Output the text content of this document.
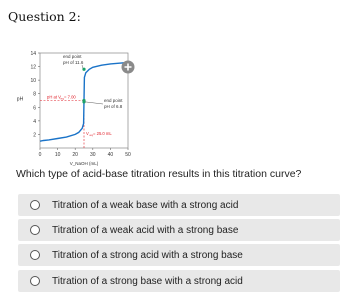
Question 2:
2
4
6
8
10
12
14
0	10 20 30 40 50
pH
V_NaOH (mL)
end point
pH of 11.6
pH at V eq = 7.00
end point
pH of 6.8
V eq = 25.0 mL
Which type of acid-base titration results in this titration curve?
Titration of a weak base with a strong acid
Titration of a weak acid with a strong base
Titration of a strong acid with a strong base
Titration of a strong base with a strong acid
